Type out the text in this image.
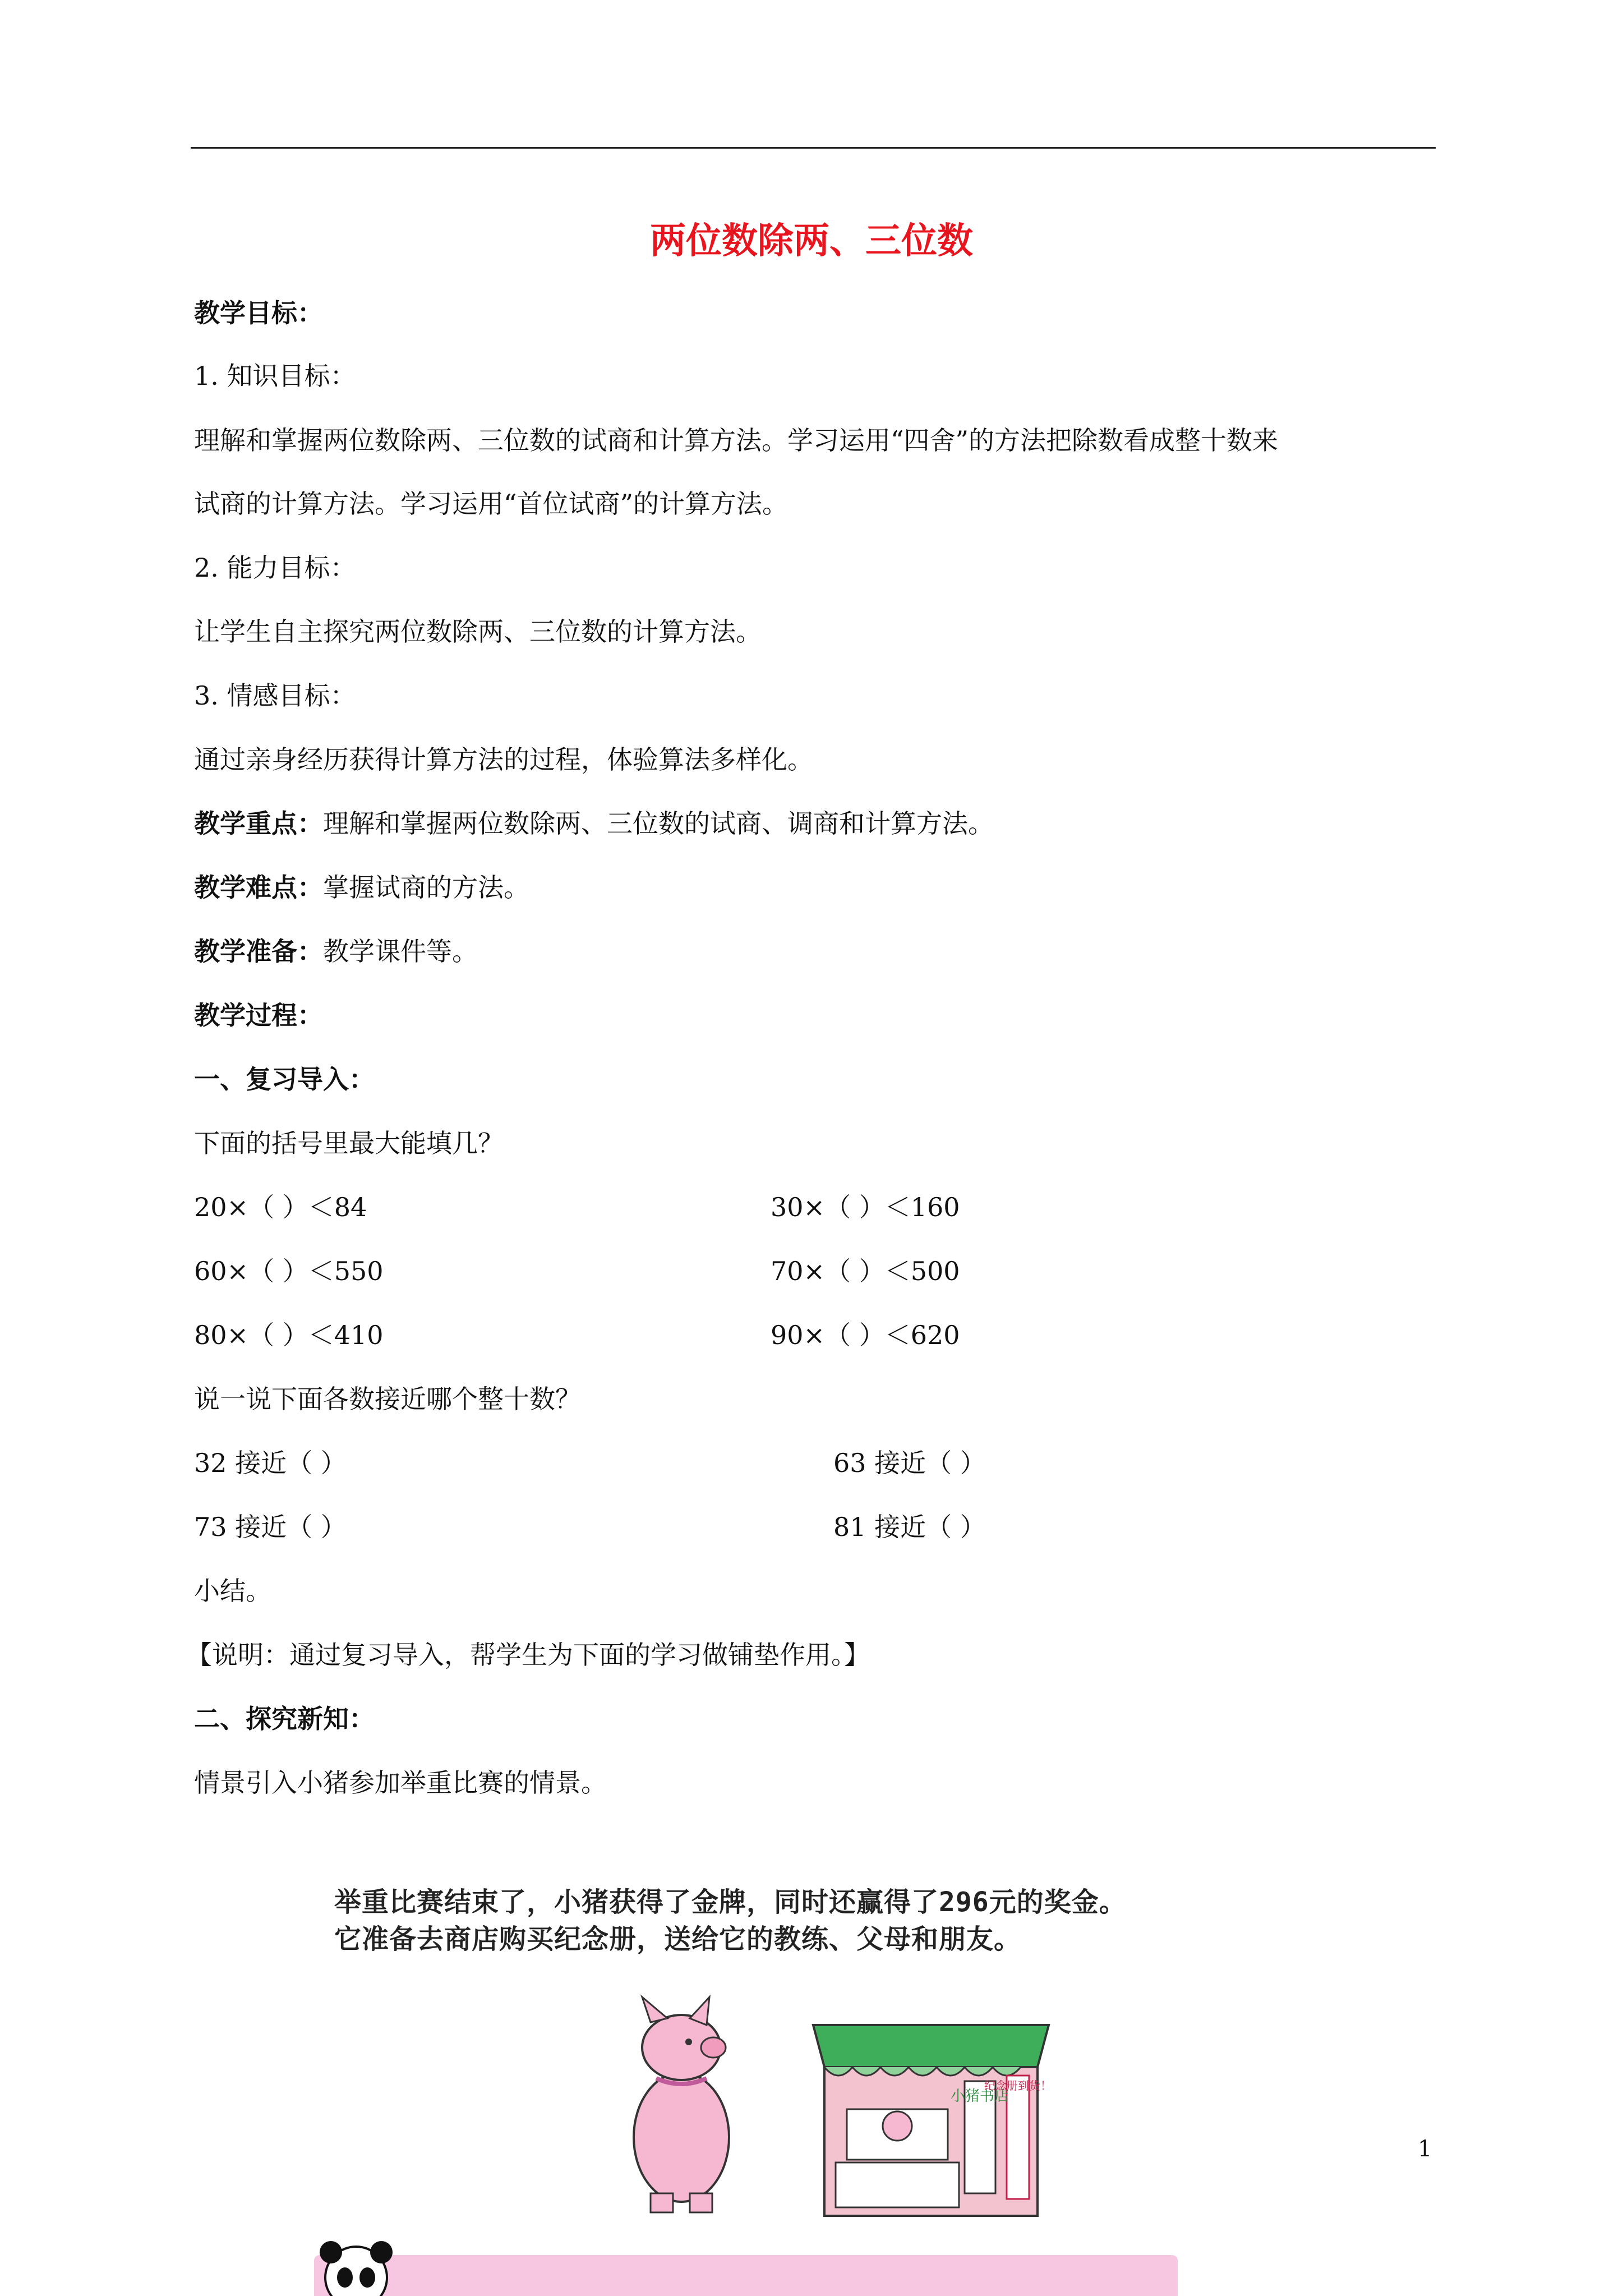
两位数除两、三位数
教学目标：
1. 知识目标：
理解和掌握两位数除两、三位数的试商和计算方法。学习运用“四舍”的方法把除数看成整十数来
试商的计算方法。学习运用“首位试商”的计算方法。
2. 能力目标：
让学生自主探究两位数除两、三位数的计算方法。
3. 情感目标：
通过亲身经历获得计算方法的过程，体验算法多样化。
教学重点：理解和掌握两位数除两、三位数的试商、调商和计算方法。
教学难点：掌握试商的方法。
教学准备：教学课件等。
教学过程：
一、复习导入：
下面的括号里最大能填几？
20×（ ）＜84
60×（ ）＜550
80×（ ）＜410
30×（ ）＜160
70×（ ）＜500
90×（ ）＜620
说一说下面各数接近哪个整十数？
32 接近（ ）
73 接近（ ）
63 接近（ ）
81 接近（ ）
小结。
【说明：通过复习导入，帮学生为下面的学习做铺垫作用。】
二、探究新知：
情景引入小猪参加举重比赛的情景。
举重比赛结束了，小猪获得了金牌，同时还赢得了296元的奖金。
它准备去商店购买纪念册，送给它的教练、父母和朋友。
小猪书店
纪念册到货！
1
